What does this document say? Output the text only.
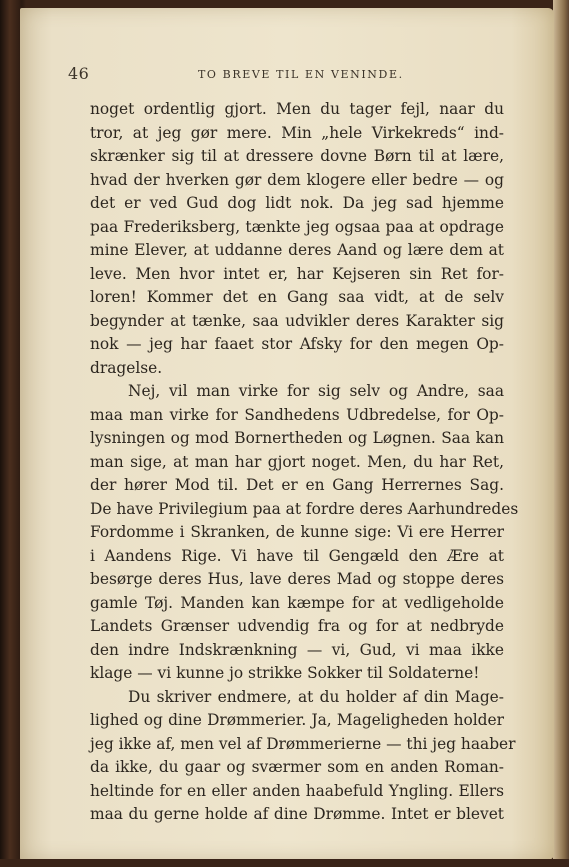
46	TO BREVE TIL EN VENINDE.
noget ordentlig gjort. Men du tager fejl, naar du
tror, at jeg gør mere. Min „hele Virkekreds“ ind-
skrænker sig til at dressere dovne Børn til at lære,
hvad der hverken gør dem klogere eller bedre — og
det er ved Gud dog lidt nok. Da jeg sad hjemme
paa Frederiksberg, tænkte jeg ogsaa paa at opdrage
mine Elever, at uddanne deres Aand og lære dem at
leve. Men hvor intet er, har Kejseren sin Ret for-
loren! Kommer det en Gang saa vidt, at de selv
begynder at tænke, saa udvikler deres Karakter sig
nok — jeg har faaet stor Afsky for den megen Op-
dragelse.
Nej, vil man virke for sig selv og Andre, saa
maa man virke for Sandhedens Udbredelse, for Op-
lysningen og mod Bornertheden og Løgnen. Saa kan
man sige, at man har gjort noget. Men, du har Ret,
der hører Mod til. Det er en Gang Herrernes Sag.
De have Privilegium paa at fordre deres Aarhundredes
Fordomme i Skranken, de kunne sige: Vi ere Herrer
i Aandens Rige. Vi have til Gengæld den Ære at
besørge deres Hus, lave deres Mad og stoppe deres
gamle Tøj. Manden kan kæmpe for at vedligeholde
Landets Grænser udvendig fra og for at nedbryde
den indre Indskrænkning — vi, Gud, vi maa ikke
klage — vi kunne jo strikke Sokker til Soldaterne!
Du skriver endmere, at du holder af din Mage-
lighed og dine Drømmerier. Ja, Mageligheden holder
jeg ikke af, men vel af Drømmerierne — thi jeg haaber
da ikke, du gaar og sværmer som en anden Roman-
heltinde for en eller anden haabefuld Yngling. Ellers
maa du gerne holde af dine Drømme. Intet er blevet
